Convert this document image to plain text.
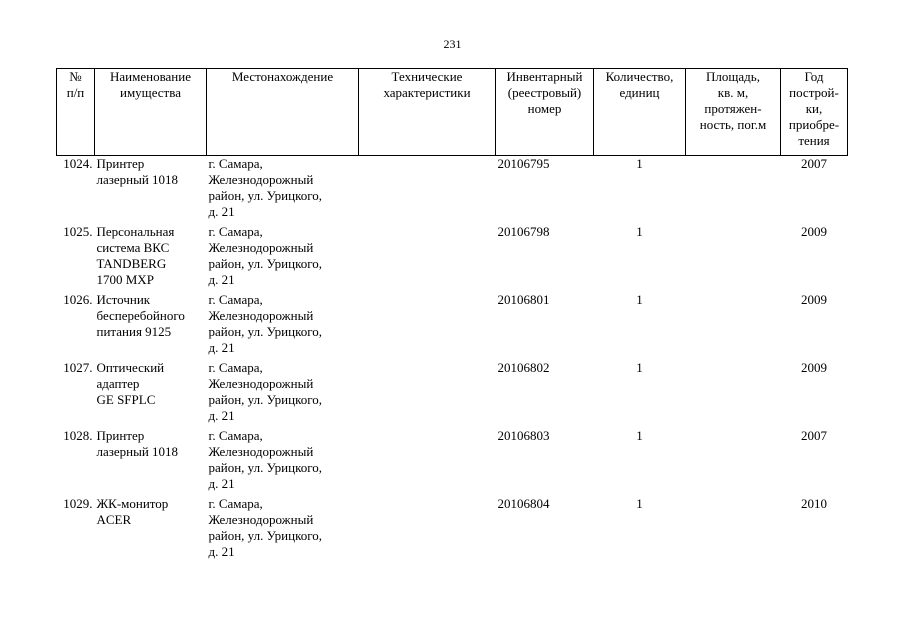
231
№
п/п	Наименование
имущества	Местонахождение	Технические
характеристики	Инвентарный
(реестровый)
номер	Количество,
единиц	Площадь,
кв. м,
протяжен-
ность, пог.м	Год
построй-
ки,
приобре-
тения
1024.	Принтер
лазерный 1018	г. Самара,
Железнодорожный
район, ул. Урицкого,
д. 21		20106795	1		2007
1025.	Персональная
система ВКС
TANDBERG
1700 MXP	г. Самара,
Железнодорожный
район, ул. Урицкого,
д. 21		20106798	1		2009
1026.	Источник
бесперебойного
питания 9125	г. Самара,
Железнодорожный
район, ул. Урицкого,
д. 21		20106801	1		2009
1027.	Оптический
адаптер
GE SFPLC	г. Самара,
Железнодорожный
район, ул. Урицкого,
д. 21		20106802	1		2009
1028.	Принтер
лазерный 1018	г. Самара,
Железнодорожный
район, ул. Урицкого,
д. 21		20106803	1		2007
1029.	ЖК-монитор
ACER	г. Самара,
Железнодорожный
район, ул. Урицкого,
д. 21		20106804	1		2010
